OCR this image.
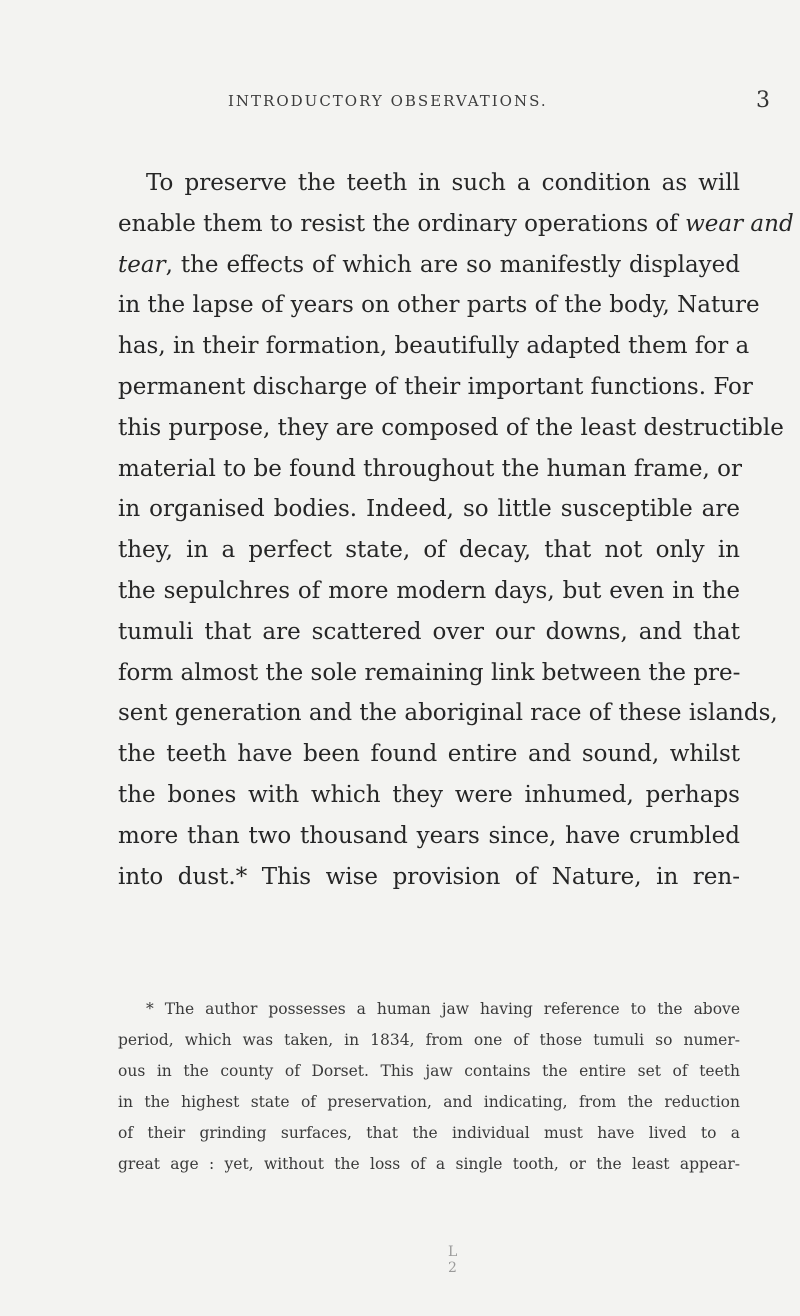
INTRODUCTORY OBSERVATIONS.	3
To preserve the teeth in such a condition as will
enable them to resist the ordinary operations of wear and
tear, the effects of which are so manifestly displayed
in the lapse of years on other parts of the body, Nature
has, in their formation, beautifully adapted them for a
permanent discharge of their important functions. For
this purpose, they are composed of the least destructible
material to be found throughout the human frame, or
in organised bodies. Indeed, so little susceptible are
they, in a perfect state, of decay, that not only in
the sepulchres of more modern days, but even in the
tumuli that are scattered over our downs, and that
form almost the sole remaining link between the pre-
sent generation and the aboriginal race of these islands,
the teeth have been found entire and sound, whilst
the bones with which they were inhumed, perhaps
more than two thousand years since, have crumbled
into dust.* This wise provision of Nature, in ren-
* The author possesses a human jaw having reference to the above
period, which was taken, in 1834, from one of those tumuli so numer-
ous in the county of Dorset. This jaw contains the entire set of teeth
in the highest state of preservation, and indicating, from the reduction
of their grinding surfaces, that the individual must have lived to a
great age : yet, without the loss of a single tooth, or the least appear-
L 2
